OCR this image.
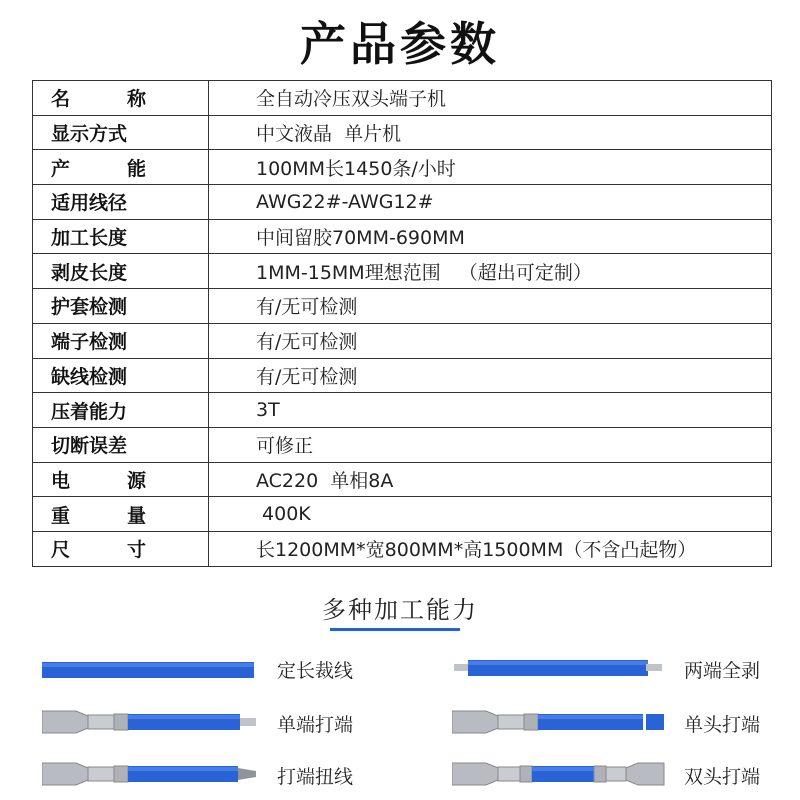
产品参数
名 称	全自动冷压双头端子机
显示方式	中文液晶  单片机

产 能	100MM长1450条/小时
适用线径	AWG22#-AWG12#
加工长度	中间留胶70MM-690MM
剥皮长度	1MM-15MM理想范围   （超出可定制）
护套检测	有/无可检测
端子检测	有/无可检测
缺线检测	有/无可检测
压着能力	3T
切断误差	可修正

电 源	AC220  单相8A

重 量	400K

尺 寸	长1200MM*宽800MM*高1500MM（不含凸起物）
多种加工能力
定长裁线	两端全剥
单端打端	单头打端
打端扭线	双头打端
